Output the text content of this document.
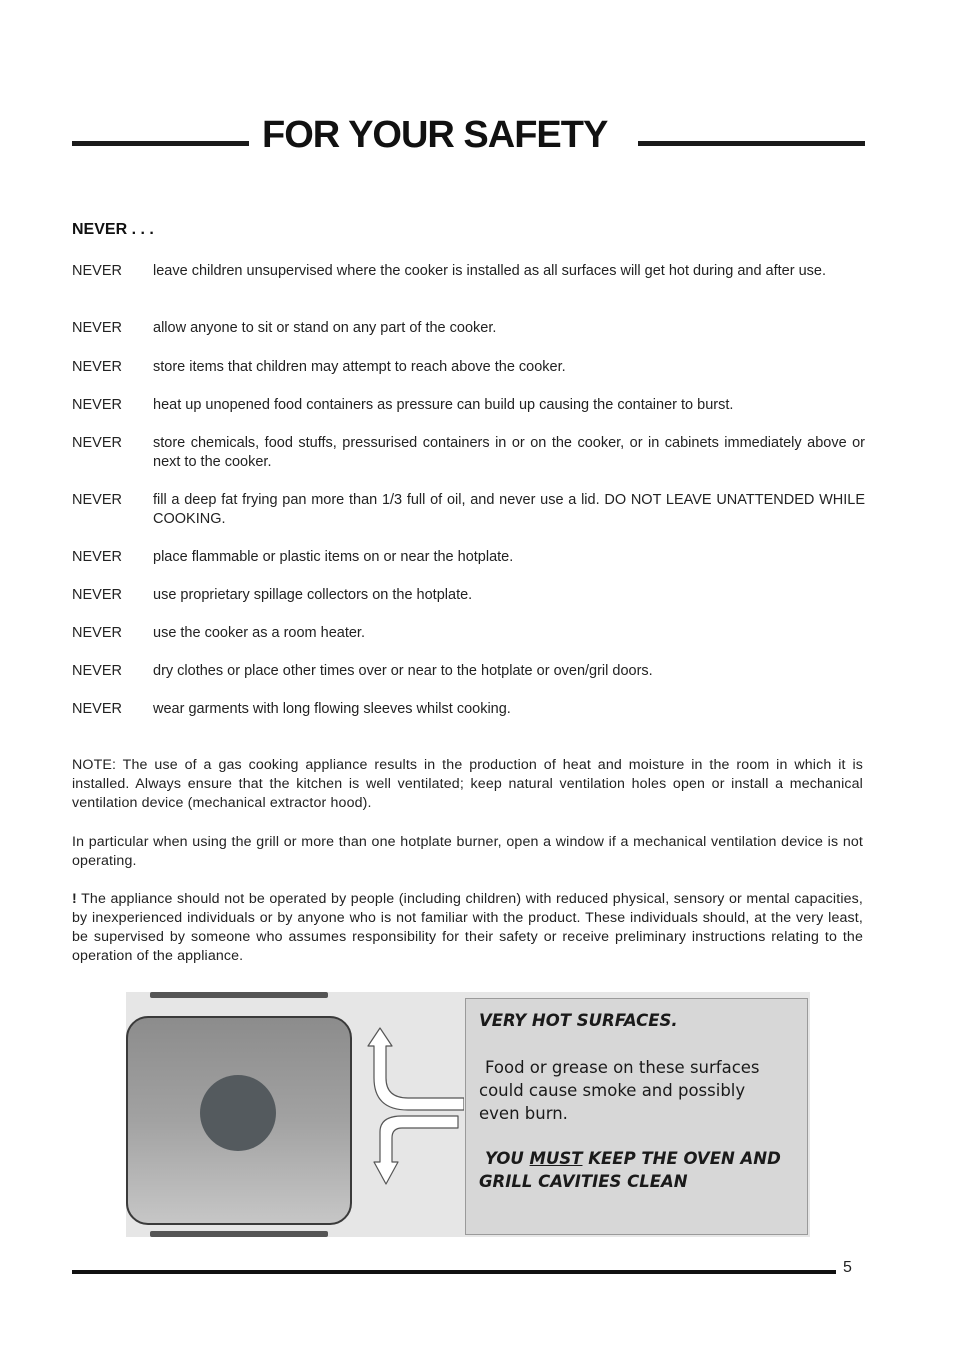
FOR YOUR SAFETY
NEVER . . .
NEVER	leave children unsupervised where the cooker is installed as all surfaces will get hot during and after use.
NEVER	allow anyone to sit or stand on any part of the cooker.
NEVER	store items that children may attempt to reach above the cooker.
NEVER	heat up unopened food containers as pressure can build up causing the container to burst.
NEVER	store chemicals, food stuffs, pressurised containers in or on the cooker, or in cabinets immediately above or next to the cooker.
NEVER	fill a deep fat frying pan more than 1/3 full of oil, and never use a lid. DO NOT LEAVE UNATTENDED WHILE COOKING.
NEVER	place flammable or plastic items on or near the hotplate.
NEVER	use proprietary spillage collectors on the hotplate.
NEVER	use the cooker as a room heater.
NEVER	dry clothes or place other times over or near to the hotplate or oven/gril doors.
NEVER	wear garments with long flowing sleeves whilst cooking.

NOTE: The use of a gas cooking appliance results in the production of heat and moisture in the room in which it is installed. Always ensure that the kitchen is well ventilated; keep natural ventilation holes open or install a mechanical ventilation device (mechanical extractor hood).

In particular when using the grill or more than one hotplate burner, open a window if a mechanical ventilation device is not operating.

! The appliance should not be operated by people (including children) with reduced physical, sensory or mental capacities, by inexperienced individuals or by anyone who is not familiar with the product. These individuals should, at the very least, be supervised by someone who assumes responsibility for their safety or receive preliminary instructions relating to the operation of the appliance.

VERY HOT SURFACES.

Food or grease on these surfaces
could cause smoke and possibly
even burn.

YOU MUST KEEP THE OVEN AND
GRILL CAVITIES CLEAN

5
